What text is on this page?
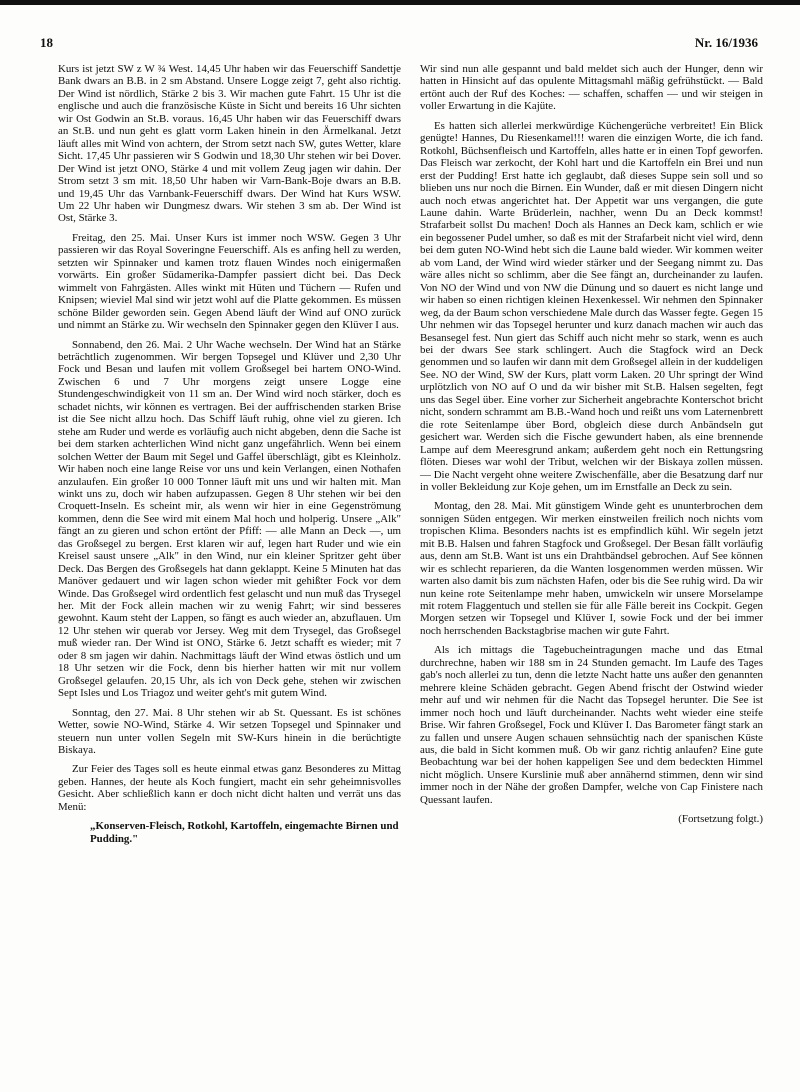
18	Nr. 16/1936

Kurs ist jetzt SW z W ¾ West. 14,45 Uhr haben wir das Feuerschiff Sandettje Bank dwars an B.B. in 2 sm Abstand. Unsere Logge zeigt 7, geht also richtig. Der Wind ist nördlich, Stärke 2 bis 3. Wir machen gute Fahrt. 15 Uhr ist die englische und auch die französische Küste in Sicht und bereits 16 Uhr sichten wir Ost Godwin an St.B. voraus. 16,45 Uhr haben wir das Feuerschiff dwars an St.B. und nun geht es glatt vorm Laken hinein in den Ärmelkanal. Jetzt läuft alles mit Wind von achtern, der Strom setzt nach SW, gutes Wetter, klare Sicht. 17,45 Uhr passieren wir S Godwin und 18,30 Uhr stehen wir bei Dover. Der Wind ist jetzt ONO, Stärke 4 und mit vollem Zeug jagen wir dahin. Der Strom setzt 3 sm mit. 18,50 Uhr haben wir Varn-Bank-Boje dwars an B.B. und 19,45 Uhr das Varnbank-Feuerschiff dwars. Der Wind hat Kurs WSW. Um 22 Uhr haben wir Dungmesz dwars. Wir stehen 3 sm ab. Der Wind ist Ost, Stärke 3.

Freitag, den 25. Mai. Unser Kurs ist immer noch WSW. Gegen 3 Uhr passieren wir das Royal Soveringne Feuerschiff. Als es anfing hell zu werden, setzten wir Spinnaker und kamen trotz flauen Windes noch einigermaßen vorwärts. Ein großer Südamerika-Dampfer passiert dicht bei. Das Deck wimmelt von Fahrgästen. Alles winkt mit Hüten und Tüchern — Rufen und Knipsen; wieviel Mal sind wir jetzt wohl auf die Platte gekommen. Es müssen schöne Bilder geworden sein. Gegen Abend läuft der Wind auf ONO zurück und nimmt an Stärke zu. Wir wechseln den Spinnaker gegen den Klüver I aus.

Sonnabend, den 26. Mai. 2 Uhr Wache wechseln. Der Wind hat an Stärke beträchtlich zugenommen. Wir bergen Topsegel und Klüver und 2,30 Uhr Fock und Besan und laufen mit vollem Großsegel bei hartem ONO-Wind. Zwischen 6 und 7 Uhr morgens zeigt unsere Logge eine Stundengeschwindigkeit von 11 sm an. Der Wind wird noch stärker, doch es schadet nichts, wir können es vertragen. Bei der auffrischenden starken Brise ist die See nicht allzu hoch. Das Schiff läuft ruhig, ohne viel zu gieren. Ich stehe am Ruder und werde es vorläufig auch nicht abgeben, denn die Sache ist bei dem starken achterlichen Wind nicht ganz ungefährlich. Wenn bei einem solchen Wetter der Baum mit Segel und Gaffel überschlägt, gibt es Kleinholz. Wir haben noch eine lange Reise vor uns und kein Verlangen, einen Nothafen anzulaufen. Ein großer 10 000 Tonner läuft mit uns und wir halten mit. Man winkt uns zu, doch wir haben aufzupassen. Gegen 8 Uhr stehen wir bei den Croquett-Inseln. Es scheint mir, als wenn wir hier in eine Gegenströmung kommen, denn die See wird mit einem Mal hoch und holperig. Unsere „Alk" fängt an zu gieren und schon ertönt der Pfiff: — alle Mann an Deck —, um das Großsegel zu bergen. Erst klaren wir auf, legen hart Ruder und wie ein Kreisel saust unsere „Alk" in den Wind, nur ein kleiner Spritzer geht über Deck. Das Bergen des Großsegels hat dann geklappt. Keine 5 Minuten hat das Manöver gedauert und wir lagen schon wieder mit gehißter Fock vor dem Winde. Das Großsegel wird ordentlich fest gelascht und nun muß das Trysegel her. Mit der Fock allein machen wir zu wenig Fahrt; wir sind besseres gewohnt. Kaum steht der Lappen, so fängt es auch wieder an, abzuflauen. Um 12 Uhr stehen wir querab vor Jersey. Weg mit dem Trysegel, das Großsegel muß wieder ran. Der Wind ist ONO, Stärke 6. Jetzt schafft es wieder; mit 7 oder 8 sm jagen wir dahin. Nachmittags läuft der Wind etwas östlich und um 18 Uhr setzen wir die Fock, denn bis hierher hatten wir mit nur vollem Großsegel gelaufen. 20,15 Uhr, als ich von Deck gehe, stehen wir zwischen Sept Isles und Los Triagoz und weiter geht's mit gutem Wind.

Sonntag, den 27. Mai. 8 Uhr stehen wir ab St. Quessant. Es ist schönes Wetter, sowie NO-Wind, Stärke 4. Wir setzen Topsegel und Spinnaker und steuern nun unter vollen Segeln mit SW-Kurs hinein in die berüchtigte Biskaya.

Zur Feier des Tages soll es heute einmal etwas ganz Besonderes zu Mittag geben. Hannes, der heute als Koch fungiert, macht ein sehr geheimnisvolles Gesicht. Aber schließlich kann er doch nicht dicht halten und verrät uns das Menü:

„Konserven-Fleisch, Rotkohl, Kartoffeln, eingemachte Birnen und Pudding."

Wir sind nun alle gespannt und bald meldet sich auch der Hunger, denn wir hatten in Hinsicht auf das opulente Mittagsmahl mäßig gefrühstückt. — Bald ertönt auch der Ruf des Koches: — schaffen, schaffen — und wir steigen in voller Erwartung in die Kajüte.

Es hatten sich allerlei merkwürdige Küchengerüche verbreitet! Ein Blick genügte! Hannes, Du Riesenkamel!!! waren die einzigen Worte, die ich fand. Rotkohl, Büchsenfleisch und Kartoffeln, alles hatte er in einen Topf geworfen. Das Fleisch war zerkocht, der Kohl hart und die Kartoffeln ein Brei und nun erst der Pudding! Erst hatte ich geglaubt, daß dieses Suppe sein soll und so blieben uns nur noch die Birnen. Ein Wunder, daß er mit diesen Dingern nicht auch noch etwas angerichtet hat. Der Appetit war uns vergangen, die gute Laune dahin. Warte Brüderlein, nachher, wenn Du an Deck kommst! Strafarbeit sollst Du machen! Doch als Hannes an Deck kam, schlich er wie ein begossener Pudel umher, so daß es mit der Strafarbeit nicht viel wird, denn bei dem guten NO-Wind hebt sich die Laune bald wieder. Wir kommen weiter ab vom Land, der Wind wird wieder stärker und der Seegang nimmt zu. Das wäre alles nicht so schlimm, aber die See fängt an, durcheinander zu laufen. Von NO der Wind und von NW die Dünung und so dauert es nicht lange und wir haben so einen richtigen kleinen Hexenkessel. Wir nehmen den Spinnaker weg, da der Baum schon verschiedene Male durch das Wasser fegte. Gegen 15 Uhr nehmen wir das Topsegel herunter und kurz danach machen wir auch das Besansegel fest. Nun giert das Schiff auch nicht mehr so stark, wenn es auch bei der dwars See stark schlingert. Auch die Stagfock wird an Deck genommen und so laufen wir dann mit dem Großsegel allein in der kuddeligen See. NO der Wind, SW der Kurs, platt vorm Laken. 20 Uhr springt der Wind urplötzlich von NO auf O und da wir bisher mit St.B. Halsen segelten, fegt uns das Segel über. Eine vorher zur Sicherheit angebrachte Konterschot bricht nicht, sondern schrammt am B.B.-Wand hoch und reißt uns vom Laternenbrett die rote Seitenlampe über Bord, obgleich diese durch Anbändseln gut gesichert war. Werden sich die Fische gewundert haben, als eine brennende Lampe auf dem Meeresgrund ankam; außerdem geht noch ein Rettungsring flöten. Dieses war wohl der Tribut, welchen wir der Biskaya zollen müssen. — Die Nacht vergeht ohne weitere Zwischenfälle, aber die Besatzung darf nur in voller Bekleidung zur Koje gehen, um im Ernstfalle an Deck zu sein.

Montag, den 28. Mai. Mit günstigem Winde geht es ununterbrochen dem sonnigen Süden entgegen. Wir merken einstweilen freilich noch nichts vom tropischen Klima. Besonders nachts ist es empfindlich kühl. Wir segeln jetzt mit B.B. Halsen und fahren Stagfock und Großsegel. Der Besan fällt vorläufig aus, denn am St.B. Want ist uns ein Drahtbändsel gebrochen. Auf See können wir es schlecht reparieren, da die Wanten losgenommen werden müssen. Wir warten also damit bis zum nächsten Hafen, oder bis die See ruhig wird. Da wir nun keine rote Seitenlampe mehr haben, umwickeln wir unsere Morselampe mit rotem Flaggentuch und stellen sie für alle Fälle bereit ins Cockpit. Gegen Morgen setzen wir Topsegel und Klüver I, sowie Fock und der bei immer noch herrschenden Backstagbrise machen wir gute Fahrt.

Als ich mittags die Tagebucheintragungen mache und das Etmal durchrechne, haben wir 188 sm in 24 Stunden gemacht. Im Laufe des Tages gab's noch allerlei zu tun, denn die letzte Nacht hatte uns außer den genannten mehrere kleine Schäden gebracht. Gegen Abend frischt der Ostwind wieder mehr auf und wir nehmen für die Nacht das Topsegel herunter. Die See ist immer noch hoch und läuft durcheinander. Nachts weht wieder eine steife Brise. Wir fahren Großsegel, Fock und Klüver I. Das Barometer fängt stark an zu fallen und unsere Augen schauen sehnsüchtig nach der spanischen Küste aus, die bald in Sicht kommen muß. Ob wir ganz richtig anlaufen? Eine gute Beobachtung war bei der hohen kappeligen See und dem bedeckten Himmel nicht möglich. Unsere Kurslinie muß aber annähernd stimmen, denn wir sind immer noch in der Nähe der großen Dampfer, welche von Cap Finistere nach Quessant laufen.

(Fortsetzung folgt.)
